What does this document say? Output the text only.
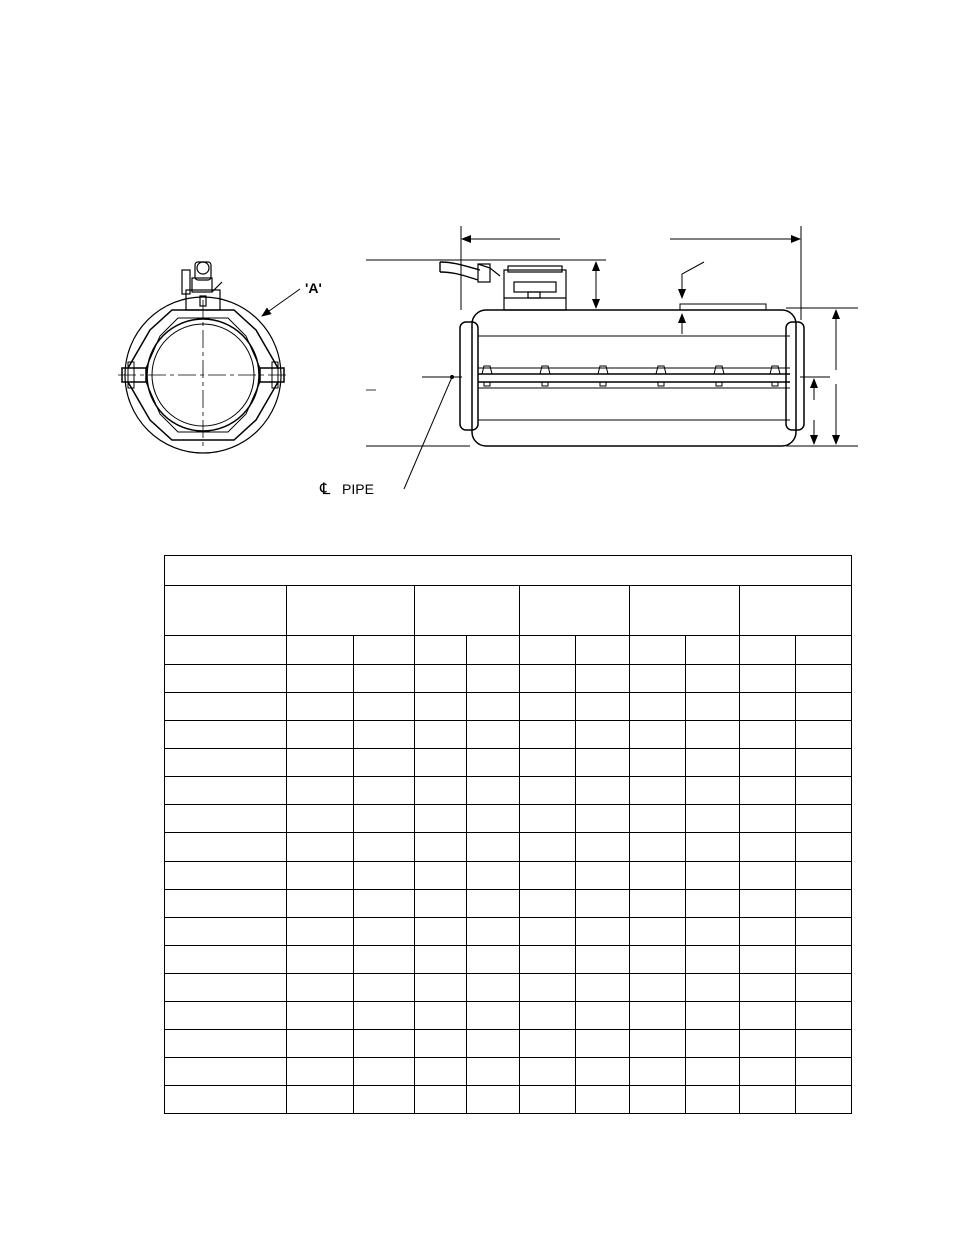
'A'
℄ PIPE
